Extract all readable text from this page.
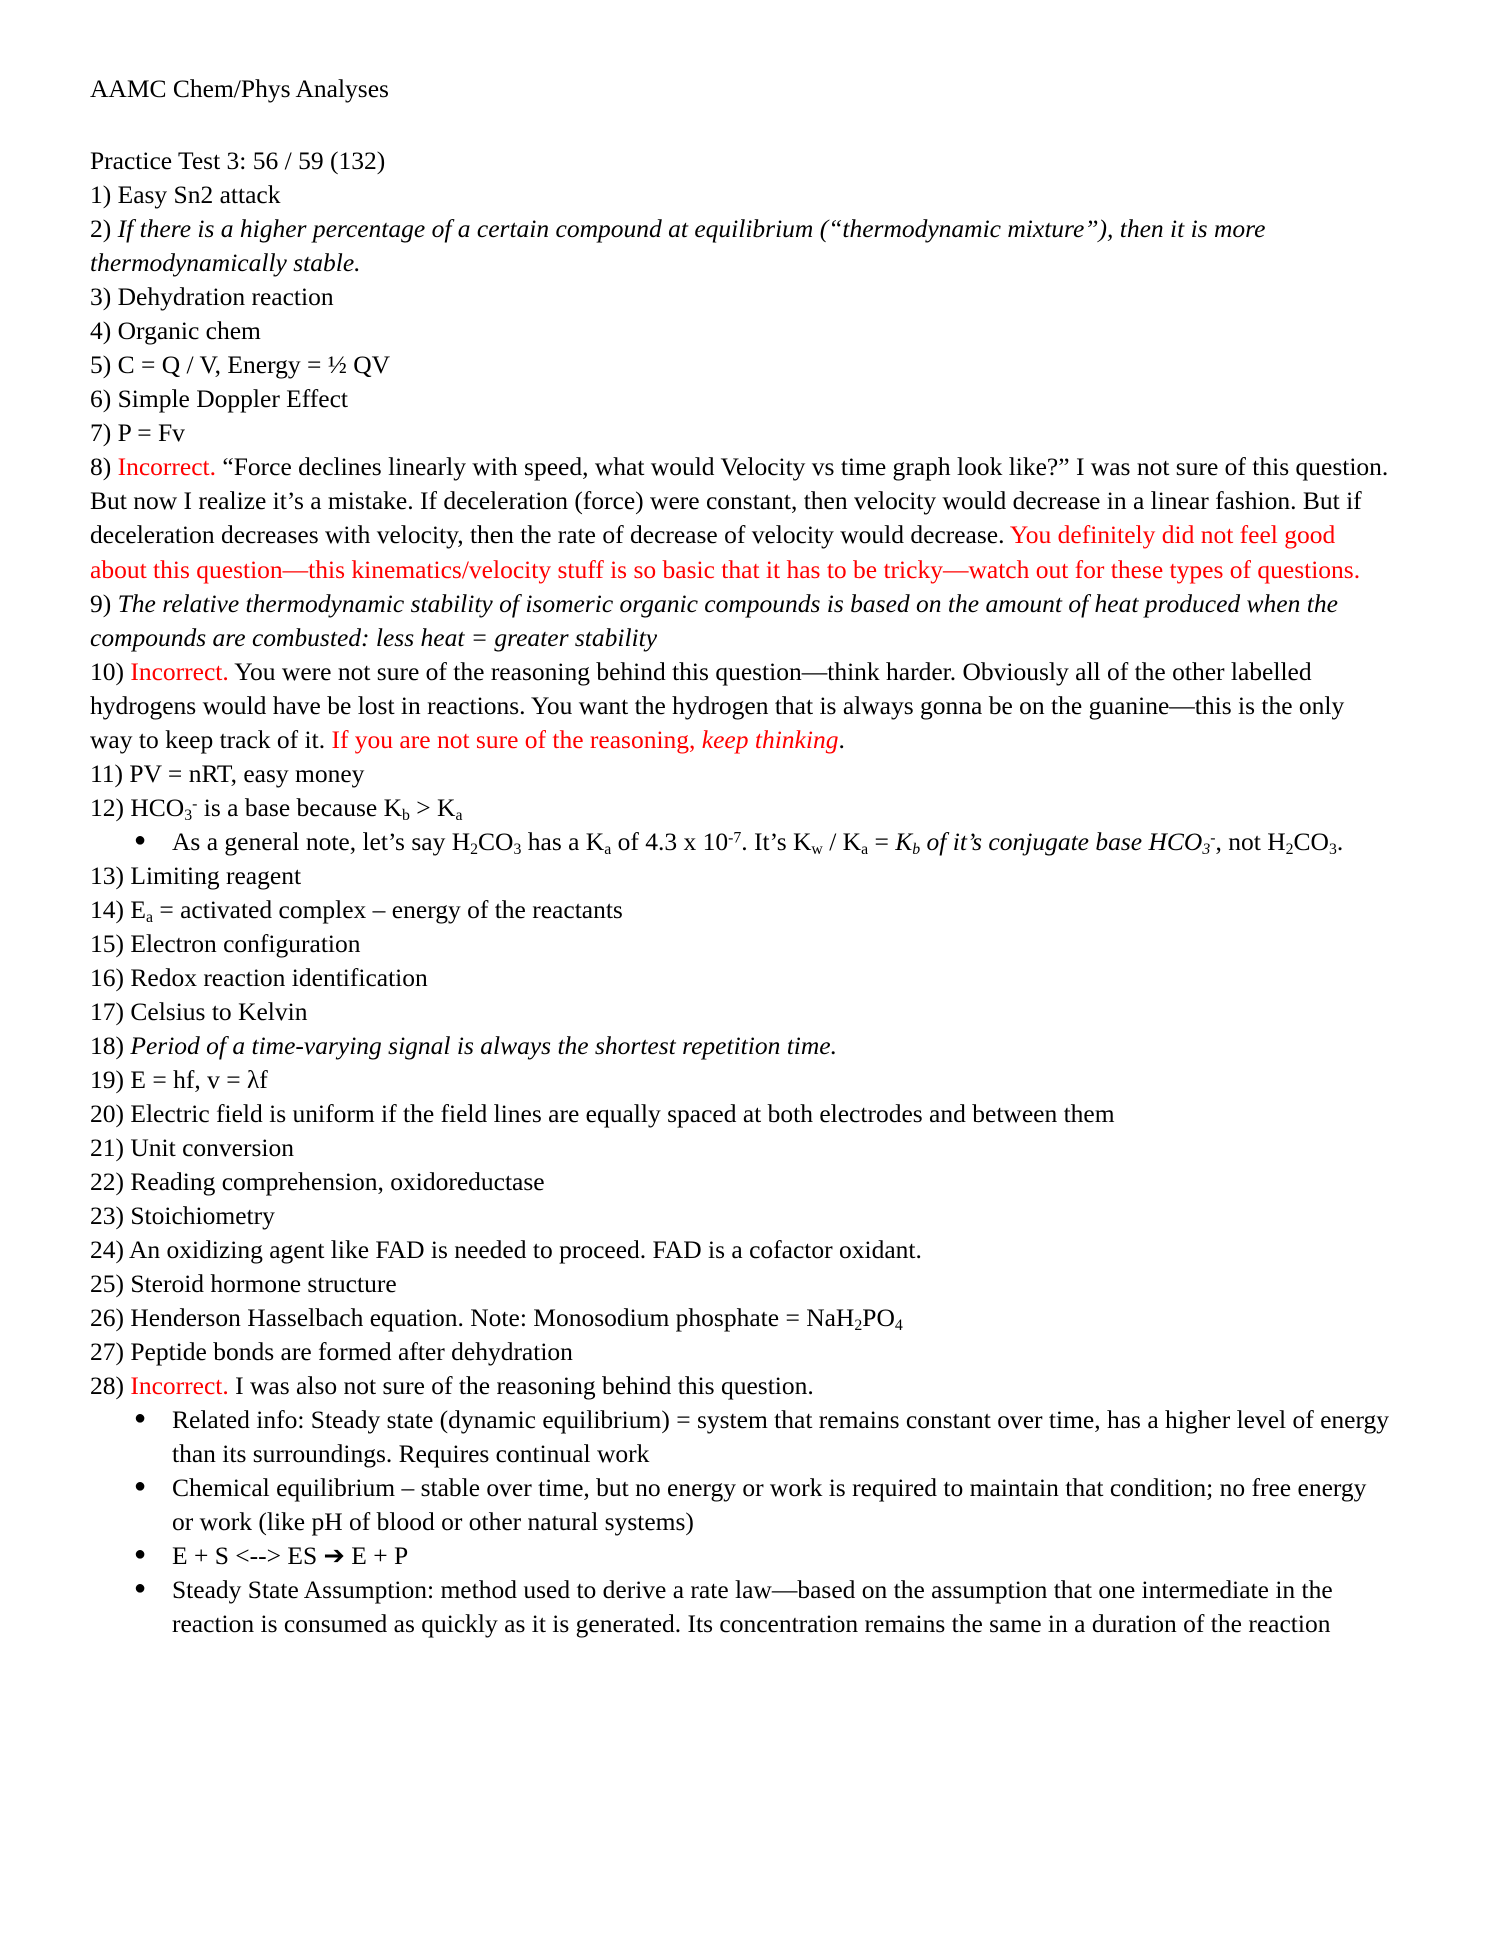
AAMC Chem/Phys Analyses

Practice Test 3: 56 / 59 (132)

1) Easy Sn2 attack

2) If there is a higher percentage of a certain compound at equilibrium (“thermodynamic mixture”), then it is more thermodynamically stable.

3) Dehydration reaction

4) Organic chem

5) C = Q / V, Energy = ½ QV

6) Simple Doppler Effect

7) P = Fv

8) Incorrect. “Force declines linearly with speed, what would Velocity vs time graph look like?” I was not sure of this question. But now I realize it’s a mistake. If deceleration (force) were constant, then velocity would decrease in a linear fashion. But if deceleration decreases with velocity, then the rate of decrease of velocity would decrease. You definitely did not feel good about this question—this kinematics/velocity stuff is so basic that it has to be tricky—watch out for these types of questions.

9) The relative thermodynamic stability of isomeric organic compounds is based on the amount of heat produced when the compounds are combusted: less heat = greater stability

10) Incorrect. You were not sure of the reasoning behind this question—think harder. Obviously all of the other labelled hydrogens would have be lost in reactions. You want the hydrogen that is always gonna be on the guanine—this is the only way to keep track of it. If you are not sure of the reasoning, keep thinking.

11) PV = nRT, easy money

12) $HCO_3^-$ is a base because $K_b > K_a$

● As a general note, let’s say $H_2CO_3$ has a $K_a$ of 4.3 x $10^{-7}$. It’s $K_w / K_a = K_b$ of it’s conjugate base $HCO_3^-$, not $H_2CO_3$.

13) Limiting reagent

14) $E_a$ = activated complex – energy of the reactants

15) Electron configuration

16) Redox reaction identification

17) Celsius to Kelvin

18) Period of a time-varying signal is always the shortest repetition time.

19) E = hf, v = λf

20) Electric field is uniform if the field lines are equally spaced at both electrodes and between them

21) Unit conversion

22) Reading comprehension, oxidoreductase

23) Stoichiometry

24) An oxidizing agent like FAD is needed to proceed. FAD is a cofactor oxidant.

25) Steroid hormone structure

26) Henderson Hasselbach equation. Note: Monosodium phosphate = $NaH_2PO_4$

27) Peptide bonds are formed after dehydration

28) Incorrect. I was also not sure of the reasoning behind this question.

● Related info: Steady state (dynamic equilibrium) = system that remains constant over time, has a higher level of energy than its surroundings. Requires continual work
● Chemical equilibrium – stable over time, but no energy or work is required to maintain that condition; no free energy or work (like pH of blood or other natural systems)
● E + S <--> ES ➔ E + P
● Steady State Assumption: method used to derive a rate law—based on the assumption that one intermediate in the reaction is consumed as quickly as it is generated. Its concentration remains the same in a duration of the reaction
